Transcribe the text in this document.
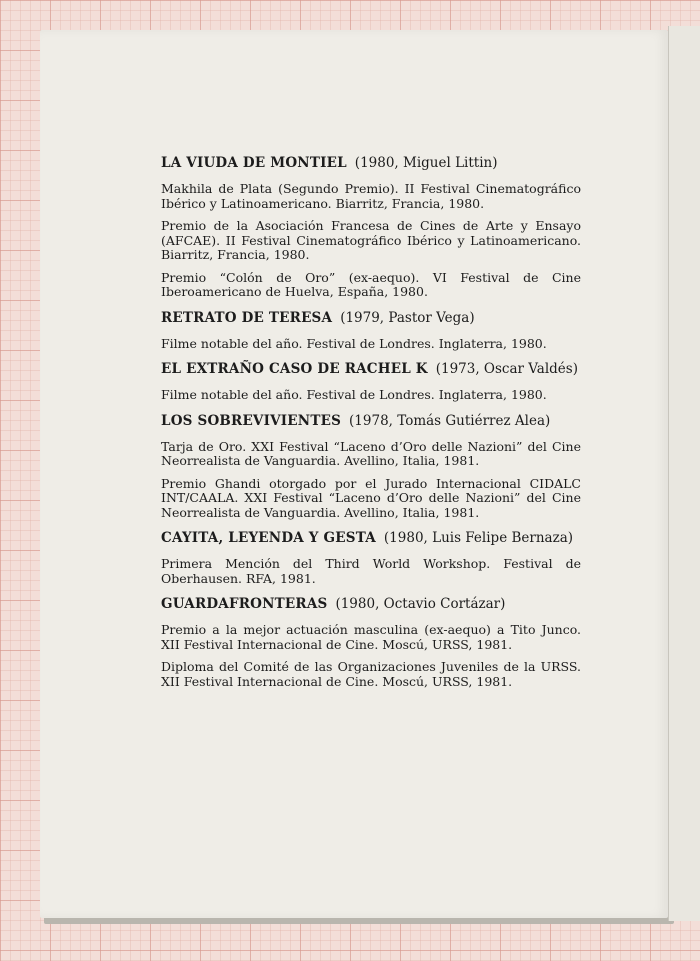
LA VIUDA DE MONTIEL (1980, Miguel Littin)

Makhila de Plata (Segundo Premio). II Festival Cinematográfico Ibérico y Latinoamericano. Biarritz, Francia, 1980.

Premio de la Asociación Francesa de Cines de Arte y Ensayo (AFCAE). II Festival Cinematográfico Ibérico y Latinoamericano. Biarritz, Francia, 1980.

Premio “Colón de Oro” (ex-aequo). VI Festival de Cine Iberoamericano de Huelva, España, 1980.

RETRATO DE TERESA (1979, Pastor Vega)

Filme notable del año. Festival de Londres. Inglaterra, 1980.

EL EXTRAÑO CASO DE RACHEL K (1973, Oscar Valdés)

Filme notable del año. Festival de Londres. Inglaterra, 1980.

LOS SOBREVIVIENTES (1978, Tomás Gutiérrez Alea)

Tarja de Oro. XXI Festival “Laceno d’Oro delle Nazioni” del Cine Neorrealista de Vanguardia. Avellino, Italia, 1981.

Premio Ghandi otorgado por el Jurado Internacional CIDALC INT/CAALA. XXI Festival “Laceno d’Oro delle Nazioni” del Cine Neorrealista de Vanguardia. Avellino, Italia, 1981.

CAYITA, LEYENDA Y GESTA (1980, Luis Felipe Bernaza)

Primera Mención del Third World Workshop. Festival de Oberhausen. RFA, 1981.

GUARDAFRONTERAS (1980, Octavio Cortázar)

Premio a la mejor actuación masculina (ex-aequo) a Tito Junco. XII Festival Internacional de Cine. Moscú, URSS, 1981.

Diploma del Comité de las Organizaciones Juveniles de la URSS. XII Festival Internacional de Cine. Moscú, URSS, 1981.
